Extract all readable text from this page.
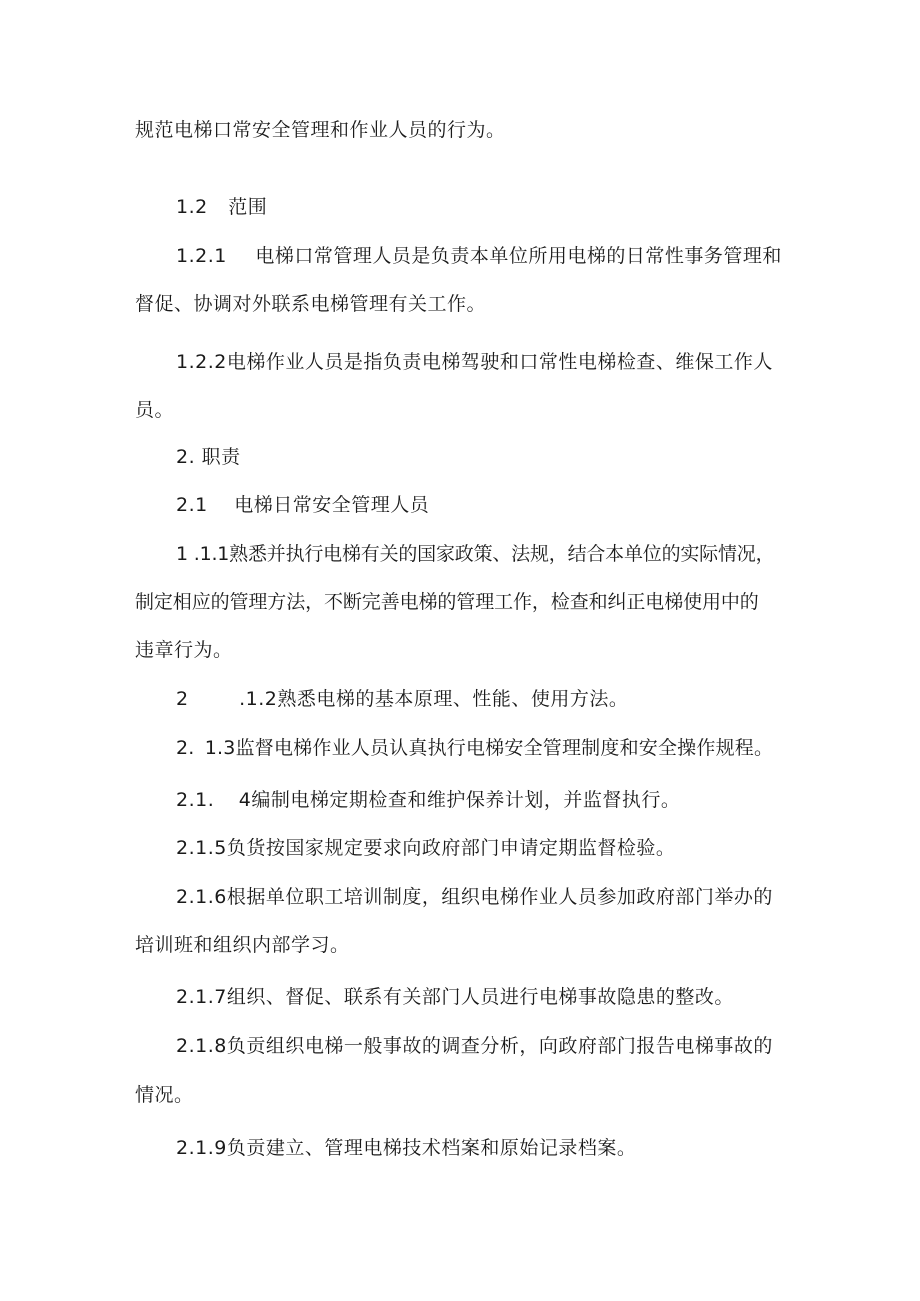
规范电梯口常安全管理和作业人员的行为。
1.2 范围
1.2.1 电梯口常管理人员是负责本单位所用电梯的日常性事务管理和
督促、协调对外联系电梯管理有关工作。
1.2.2电梯作业人员是指负责电梯驾驶和口常性电梯检查、维保工作人
员。
2. 职责
2.1 电梯日常安全管理人员
1 .1.1熟悉并执行电梯有关的国家政策、法规，结合本单位的实际情况，
制定相应的管理方法，不断完善电梯的管理工作，检查和纠正电梯使用中的
违章行为。
2 .1.2熟悉电梯的基本原理、性能、使用方法。
2. 1.3监督电梯作业人员认真执行电梯安全管理制度和安全操作规程。
2.1. 4编制电梯定期检查和维护保养计划，并监督执行。
2.1.5负货按国家规定要求向政府部门申请定期监督检验。
2.1.6根据单位职工培训制度，组织电梯作业人员参加政府部门举办的
培训班和组织内部学习。
2.1.7组织、督促、联系有关部门人员进行电梯事故隐患的整改。
2.1.8负贡组织电梯一般事故的调查分析，向政府部门报告电梯事故的
情况。
2.1.9负贡建立、管理电梯技术档案和原始记录档案。
